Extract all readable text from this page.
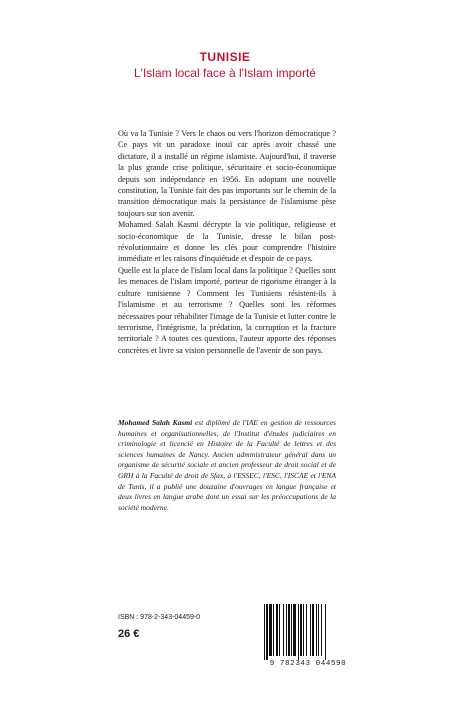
TUNISIE
L'Islam local face à l'Islam importé

Où va la Tunisie ? Vers le chaos ou vers l'horizon démocratique ? Ce pays vit un paradoxe inouï car après avoir chassé une dictature, il a installé un régime islamiste. Aujourd'hui, il traverse la plus grande crise politique, sécuritaire et socio-économique depuis son indépendance en 1956. En adoptant une nouvelle constitution, la Tunisie fait des pas importants sur le chemin de la transition démocratique mais la persistance de l'islamisme pèse toujours sur son avenir.

Mohamed Salah Kasmi décrypte la vie politique, religieuse et socio-économique de la Tunisie, dresse le bilan post-révolutionnaire et donne les clés pour comprendre l'histoire immédiate et les raisons d'inquiétude et d'espoir de ce pays.

Quelle est la place de l'islam local dans la politique ? Quelles sont les menaces de l'islam importé, porteur de rigorisme étranger à la culture tunisienne ? Comment les Tunisiens résistent-ils à l'islamisme et au terrorisme ? Quelles sont les réformes nécessaires pour réhabiliter l'image de la Tunisie et lutter contre le terrorisme, l'intégrisme, la prédation, la corruption et la fracture territoriale ? A toutes ces questions, l'auteur apporte des réponses concrètes et livre sa vision personnelle de l'avenir de son pays.

Mohamed Salah Kasmi est diplômé de l'IAE en gestion de ressources humaines et organisationnelles, de l'Institut d'études judiciaires en criminologie et licencié en Histoire de la Faculté de lettres et des sciences humaines de Nancy. Ancien administrateur général dans un organisme de sécurité sociale et ancien professeur de droit social et de GRH à la Faculté de droit de Sfax, à l'ESSEC, l'ESC, l'ISCAE et l'ENA de Tunis, il a publié une douzaine d'ouvrages en langue française et deux livres en langue arabe dont un essai sur les préoccupations de la société moderne.
ISBN : 978-2-343-04459-0
26 €
9 782343 044590
